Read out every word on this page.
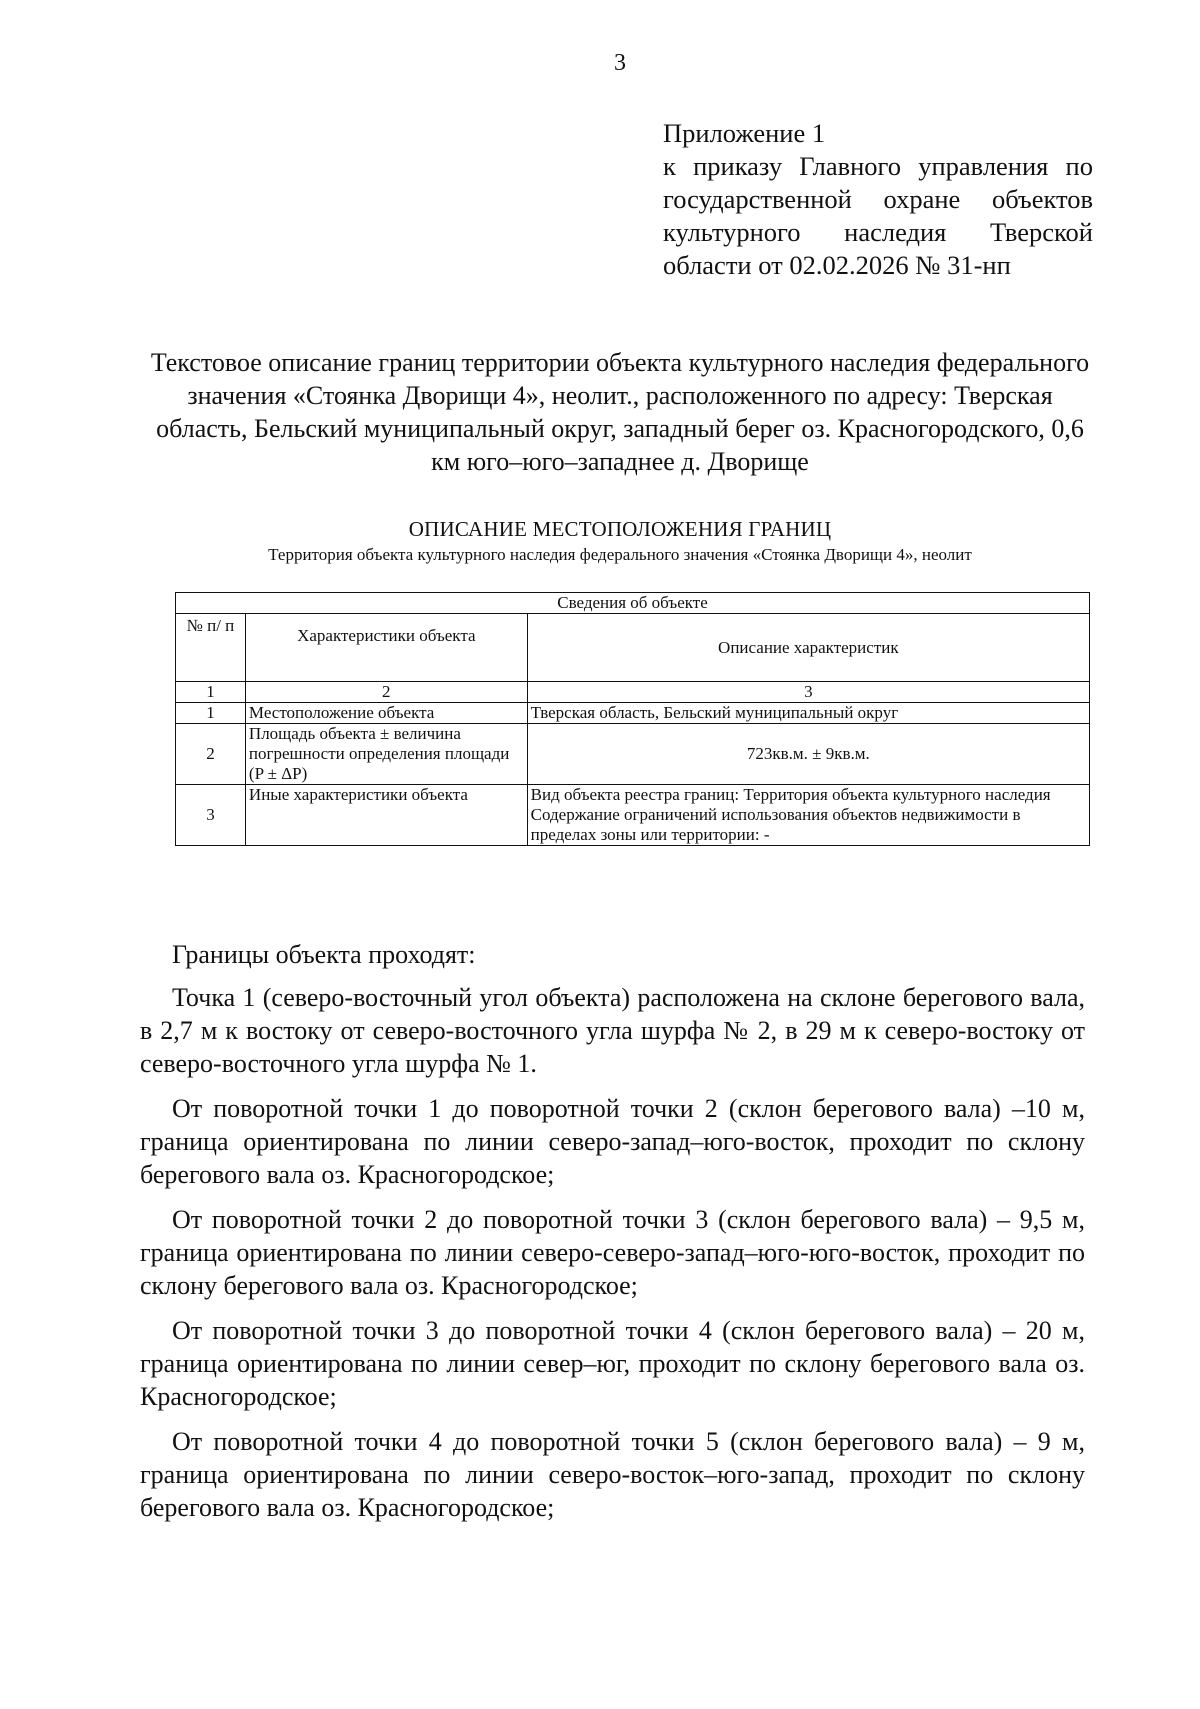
3
Приложение 1
к приказу Главного управления по государственной охране объектов культурного наследия Тверской области от 02.02.2026 № 31-нп
Текстовое описание границ территории объекта культурного наследия федерального значения «Стоянка Дворищи 4», неолит., расположенного по адресу: Тверская область, Бельский муниципальный округ, западный берег оз. Красногородского, 0,6 км юго–юго–западнее д. Дворище
ОПИСАНИЕ МЕСТОПОЛОЖЕНИЯ ГРАНИЦ
Территория объекта культурного наследия федерального значения «Стоянка Дворищи 4», неолит
Сведения об объекте		
№ п/ п	Характеристики объекта	Описание характеристик
1	2	3
1	Местоположение объекта	Тверская область, Бельский муниципальный округ
2	Площадь объекта ± величина погрешности определения площади (P ± ΔP)	723кв.м. ± 9кв.м.
3	Иные характеристики объекта	Вид объекта реестра границ: Территория объекта культурного наследия
Содержание ограничений использования объектов недвижимости в пределах зоны или территории: -

Границы объекта проходят:

Точка 1 (северо-восточный угол объекта) расположена на склоне берегового вала, в 2,7 м к востоку от северо-восточного угла шурфа № 2, в 29 м к северо-востоку от северо-восточного угла шурфа № 1.

От поворотной точки 1 до поворотной точки 2 (склон берегового вала) –10 м, граница ориентирована по линии северо-запад–юго-восток, проходит по склону берегового вала оз. Красногородское;

От поворотной точки 2 до поворотной точки 3 (склон берегового вала) – 9,5 м, граница ориентирована по линии северо-северо-запад–юго-юго-восток, проходит по склону берегового вала оз. Красногородское;

От поворотной точки 3 до поворотной точки 4 (склон берегового вала) – 20 м, граница ориентирована по линии север–юг, проходит по склону берегового вала оз. Красногородское;

От поворотной точки 4 до поворотной точки 5 (склон берегового вала) – 9 м, граница ориентирована по линии северо-восток–юго-запад, проходит по склону берегового вала оз. Красногородское;
